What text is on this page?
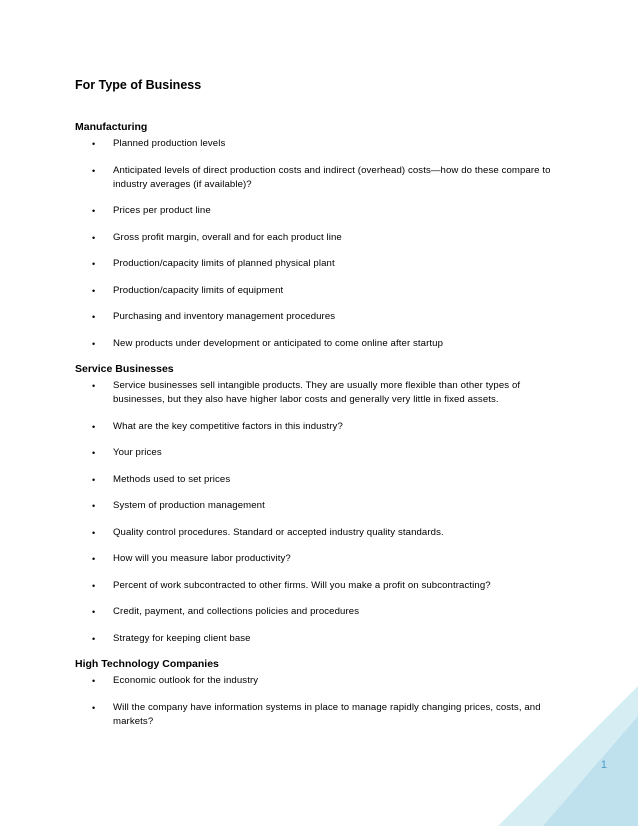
For Type of Business
Manufacturing
• Planned production levels
• Anticipated levels of direct production costs and indirect (overhead) costs—how do these compare to industry averages (if available)?
• Prices per product line
• Gross profit margin, overall and for each product line
• Production/capacity limits of planned physical plant
• Production/capacity limits of equipment
• Purchasing and inventory management procedures
• New products under development or anticipated to come online after startup
Service Businesses
• Service businesses sell intangible products. They are usually more flexible than other types of businesses, but they also have higher labor costs and generally very little in fixed assets.
• What are the key competitive factors in this industry?
• Your prices
• Methods used to set prices
• System of production management
• Quality control procedures. Standard or accepted industry quality standards.
• How will you measure labor productivity?
• Percent of work subcontracted to other firms. Will you make a profit on subcontracting?
• Credit, payment, and collections policies and procedures
• Strategy for keeping client base
High Technology Companies
• Economic outlook for the industry
• Will the company have information systems in place to manage rapidly changing prices, costs, and markets?
1
